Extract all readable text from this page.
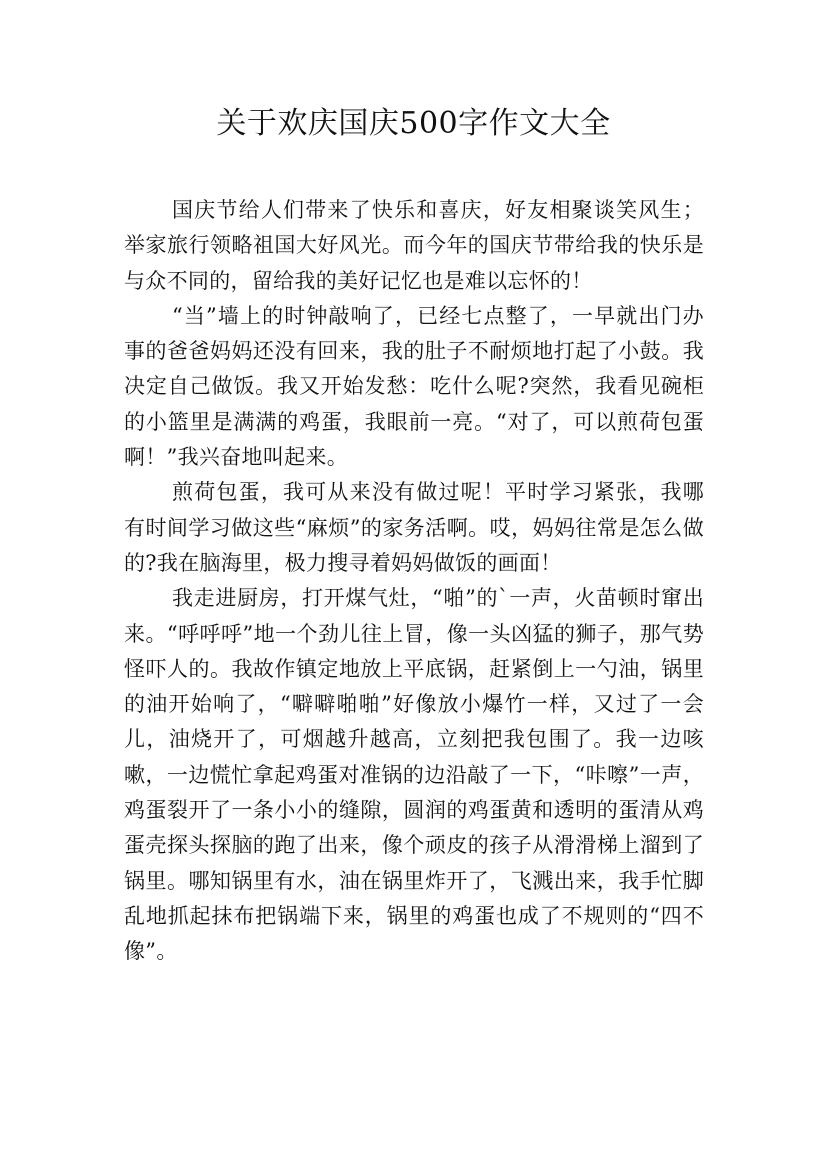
关于欢庆国庆500字作文大全

国庆节给人们带来了快乐和喜庆，好友相聚谈笑风生；举家旅行领略祖国大好风光。而今年的国庆节带给我的快乐是与众不同的，留给我的美好记忆也是难以忘怀的！

“当”墙上的时钟敲响了，已经七点整了，一早就出门办事的爸爸妈妈还没有回来，我的肚子不耐烦地打起了小鼓。我决定自己做饭。我又开始发愁：吃什么呢?突然，我看见碗柜的小篮里是满满的鸡蛋，我眼前一亮。“对了，可以煎荷包蛋啊！”我兴奋地叫起来。

煎荷包蛋，我可从来没有做过呢！平时学习紧张，我哪有时间学习做这些“麻烦”的家务活啊。哎，妈妈往常是怎么做的?我在脑海里，极力搜寻着妈妈做饭的画面！

我走进厨房，打开煤气灶，“啪”的`一声，火苗顿时窜出来。“呼呼呼”地一个劲儿往上冒，像一头凶猛的狮子，那气势怪吓人的。我故作镇定地放上平底锅，赶紧倒上一勺油，锅里的油开始响了，“噼噼啪啪”好像放小爆竹一样，又过了一会儿，油烧开了，可烟越升越高，立刻把我包围了。我一边咳嗽，一边慌忙拿起鸡蛋对准锅的边沿敲了一下，“咔嚓”一声，鸡蛋裂开了一条小小的缝隙，圆润的鸡蛋黄和透明的蛋清从鸡蛋壳探头探脑的跑了出来，像个顽皮的孩子从滑滑梯上溜到了锅里。哪知锅里有水，油在锅里炸开了，飞溅出来，我手忙脚乱地抓起抹布把锅端下来，锅里的鸡蛋也成了不规则的“四不像”。
